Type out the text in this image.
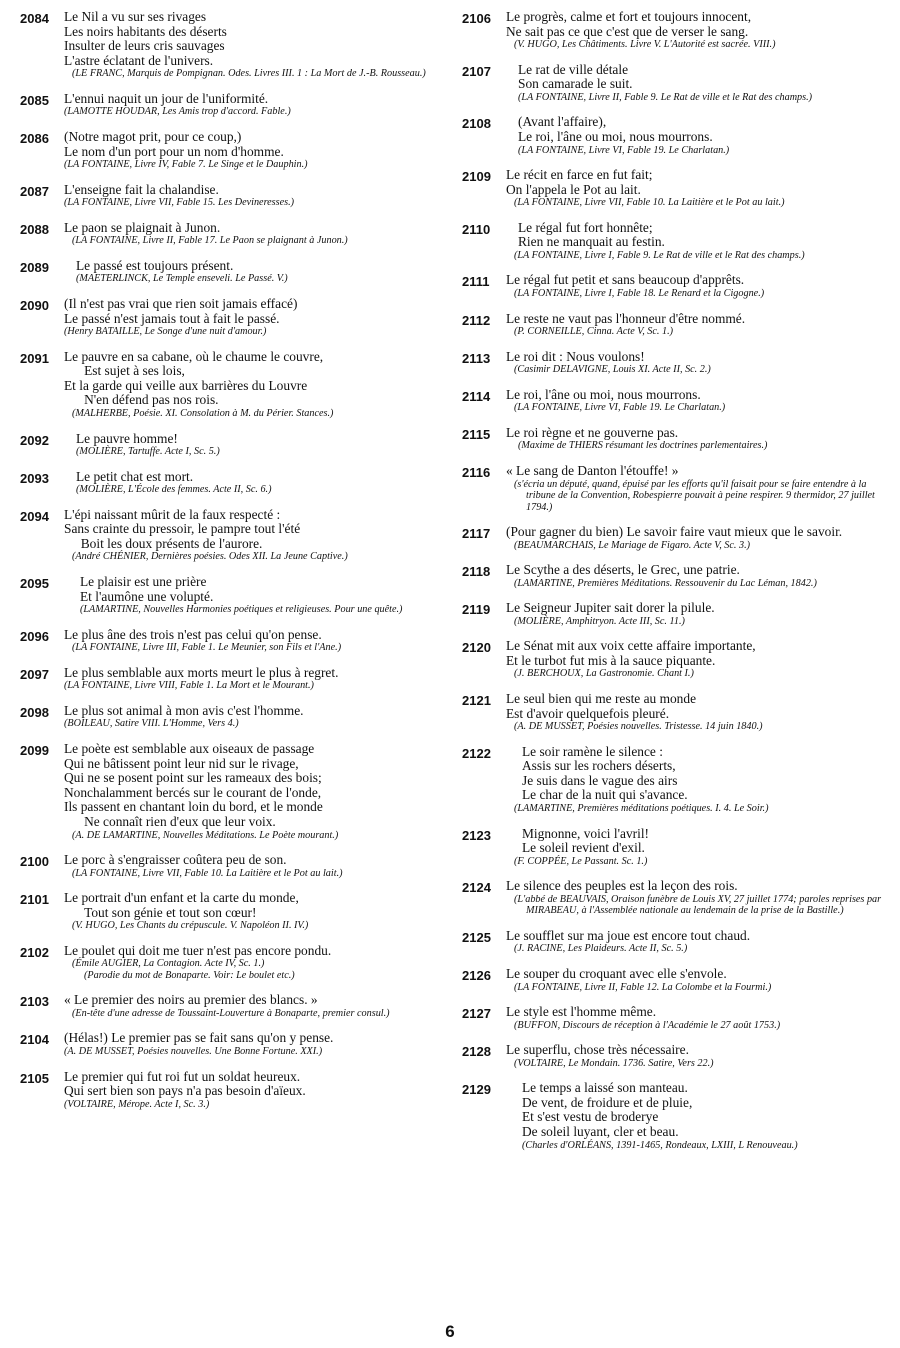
2084	Le Nil a vu sur ses rivages
Les noirs habitants des déserts
Insulter de leurs cris sauvages
L'astre éclatant de l'univers.
(LE FRANC, Marquis de Pompignan. Odes. Livres III. 1 : La Mort de J.-B. Rousseau.)
2085	L'ennui naquit un jour de l'uniformité.
(LAMOTTE HOUDAR, Les Amis trop d'accord. Fable.)
2086	(Notre magot prit, pour ce coup,)
Le nom d'un port pour un nom d'homme.
(LA FONTAINE, Livre IV, Fable 7. Le Singe et le Dauphin.)
2087	L'enseigne fait la chalandise.
(LA FONTAINE, Livre VII, Fable 15. Les Devineresses.)
2088	Le paon se plaignait à Junon.
(LA FONTAINE, Livre II, Fable 17. Le Paon se plaignant à Junon.)
2089	Le passé est toujours présent.
(MAETERLINCK, Le Temple enseveli. Le Passé. V.)
2090	(Il n'est pas vrai que rien soit jamais effacé)
Le passé n'est jamais tout à fait le passé.
(Henry BATAILLE, Le Songe d'une nuit d'amour.)
2091	Le pauvre en sa cabane, où le chaume le couvre,
Est sujet à ses lois,
Et la garde qui veille aux barrières du Louvre
N'en défend pas nos rois.
(MALHERBE, Poésie. XI. Consolation à M. du Périer. Stances.)
2092	Le pauvre homme!
(MOLIÈRE, Tartuffe. Acte I, Sc. 5.)
2093	Le petit chat est mort.
(MOLIÈRE, L'École des femmes. Acte II, Sc. 6.)
2094	L'épi naissant mûrit de la faux respecté :
Sans crainte du pressoir, le pampre tout l'été
Boit les doux présents de l'aurore.
(André CHÉNIER, Dernières poésies. Odes XII. La Jeune Captive.)
2095	Le plaisir est une prière
Et l'aumône une volupté.
(LAMARTINE, Nouvelles Harmonies poétiques et religieuses. Pour une quête.)
2096	Le plus âne des trois n'est pas celui qu'on pense.
(LA FONTAINE, Livre III, Fable 1. Le Meunier, son Fils et l'Ane.)
2097	Le plus semblable aux morts meurt le plus à regret.
(LA FONTAINE, Livre VIII, Fable 1. La Mort et le Mourant.)
2098	Le plus sot animal à mon avis c'est l'homme.
(BOILEAU, Satire VIII. L'Homme, Vers 4.)
2099	Le poète est semblable aux oiseaux de passage
Qui ne bâtissent point leur nid sur le rivage,
Qui ne se posent point sur les rameaux des bois;
Nonchalamment bercés sur le courant de l'onde,
Ils passent en chantant loin du bord, et le monde
Ne connaît rien d'eux que leur voix.
(A. DE LAMARTINE, Nouvelles Méditations. Le Poète mourant.)
2100	Le porc à s'engraisser coûtera peu de son.
(LA FONTAINE, Livre VII, Fable 10. La Laitière et le Pot au lait.)
2101	Le portrait d'un enfant et la carte du monde,
Tout son génie et tout son cœur!
(V. HUGO, Les Chants du crépuscule. V. Napoléon II. IV.)
2102	Le poulet qui doit me tuer n'est pas encore pondu.
(Émile AUGIER, La Contagion. Acte IV, Sc. 1.)
(Parodie du mot de Bonaparte. Voir: Le boulet etc.)
2103	« Le premier des noirs au premier des blancs. »
(En-tête d'une adresse de Toussaint-Louverture à Bonaparte, premier consul.)
2104	(Hélas!) Le premier pas se fait sans qu'on y pense.
(A. DE MUSSET, Poésies nouvelles. Une Bonne Fortune. XXI.)
2105	Le premier qui fut roi fut un soldat heureux.
Qui sert bien son pays n'a pas besoin d'aïeux.
(VOLTAIRE, Mérope. Acte I, Sc. 3.)
2106	Le progrès, calme et fort et toujours innocent,
Ne sait pas ce que c'est que de verser le sang.
(V. HUGO, Les Châtiments. Livre V. L'Autorité est sacrée. VIII.)
2107	Le rat de ville détale
Son camarade le suit.
(LA FONTAINE, Livre II, Fable 9. Le Rat de ville et le Rat des champs.)
2108	(Avant l'affaire),
Le roi, l'âne ou moi, nous mourrons.
(LA FONTAINE, Livre VI, Fable 19. Le Charlatan.)
2109	Le récit en farce en fut fait;
On l'appela le Pot au lait.
(LA FONTAINE, Livre VII, Fable 10. La Laitière et le Pot au lait.)
2110	Le régal fut fort honnête;
Rien ne manquait au festin.
(LA FONTAINE, Livre I, Fable 9. Le Rat de ville et le Rat des champs.)
2111	Le régal fut petit et sans beaucoup d'apprêts.
(LA FONTAINE, Livre I, Fable 18. Le Renard et la Cigogne.)
2112	Le reste ne vaut pas l'honneur d'être nommé.
(P. CORNEILLE, Cinna. Acte V, Sc. 1.)
2113	Le roi dit : Nous voulons!
(Casimir DELAVIGNE, Louis XI. Acte II, Sc. 2.)
2114	Le roi, l'âne ou moi, nous mourrons.
(LA FONTAINE, Livre VI, Fable 19. Le Charlatan.)
2115	Le roi règne et ne gouverne pas.
(Maxime de THIERS résumant les doctrines parlementaires.)
2116	« Le sang de Danton l'étouffe! »
(s'écria un député, quand, épuisé par les efforts qu'il faisait pour se faire entendre à la tribune de la Convention, Robespierre pouvait à peine respirer. 9 thermidor, 27 juillet 1794.)
2117	(Pour gagner du bien) Le savoir faire vaut mieux que le savoir.
(BEAUMARCHAIS, Le Mariage de Figaro. Acte V, Sc. 3.)
2118	Le Scythe a des déserts, le Grec, une patrie.
(LAMARTINE, Premières Méditations. Ressouvenir du Lac Léman, 1842.)
2119	Le Seigneur Jupiter sait dorer la pilule.
(MOLIÈRE, Amphitryon. Acte III, Sc. 11.)
2120	Le Sénat mit aux voix cette affaire importante,
Et le turbot fut mis à la sauce piquante.
(J. BERCHOUX, La Gastronomie. Chant I.)
2121	Le seul bien qui me reste au monde
Est d'avoir quelquefois pleuré.
(A. DE MUSSET, Poésies nouvelles. Tristesse. 14 juin 1840.)
2122	Le soir ramène le silence :
Assis sur les rochers déserts,
Je suis dans le vague des airs
Le char de la nuit qui s'avance.
(LAMARTINE, Premières méditations poétiques. I. 4. Le Soir.)
2123	Mignonne, voici l'avril!
Le soleil revient d'exil.
(F. COPPÉE, Le Passant. Sc. 1.)
2124	Le silence des peuples est la leçon des rois.
(L'abbé de BEAUVAIS, Oraison funèbre de Louis XV, 27 juillet 1774; paroles reprises par MIRABEAU, à l'Assemblée nationale au lendemain de la prise de la Bastille.)
2125	Le soufflet sur ma joue est encore tout chaud.
(J. RACINE, Les Plaideurs. Acte II, Sc. 5.)
2126	Le souper du croquant avec elle s'envole.
(LA FONTAINE, Livre II, Fable 12. La Colombe et la Fourmi.)
2127	Le style est l'homme même.
(BUFFON, Discours de réception à l'Académie le 27 août 1753.)
2128	Le superflu, chose très nécessaire.
(VOLTAIRE, Le Mondain. 1736. Satire, Vers 22.)
2129	Le temps a laissé son manteau.
De vent, de froidure et de pluie,
Et s'est vestu de broderye
De soleil luyant, cler et beau.
(Charles d'ORLÉANS, 1391-1465, Rondeaux, LXIII, L Renouveau.)
6
